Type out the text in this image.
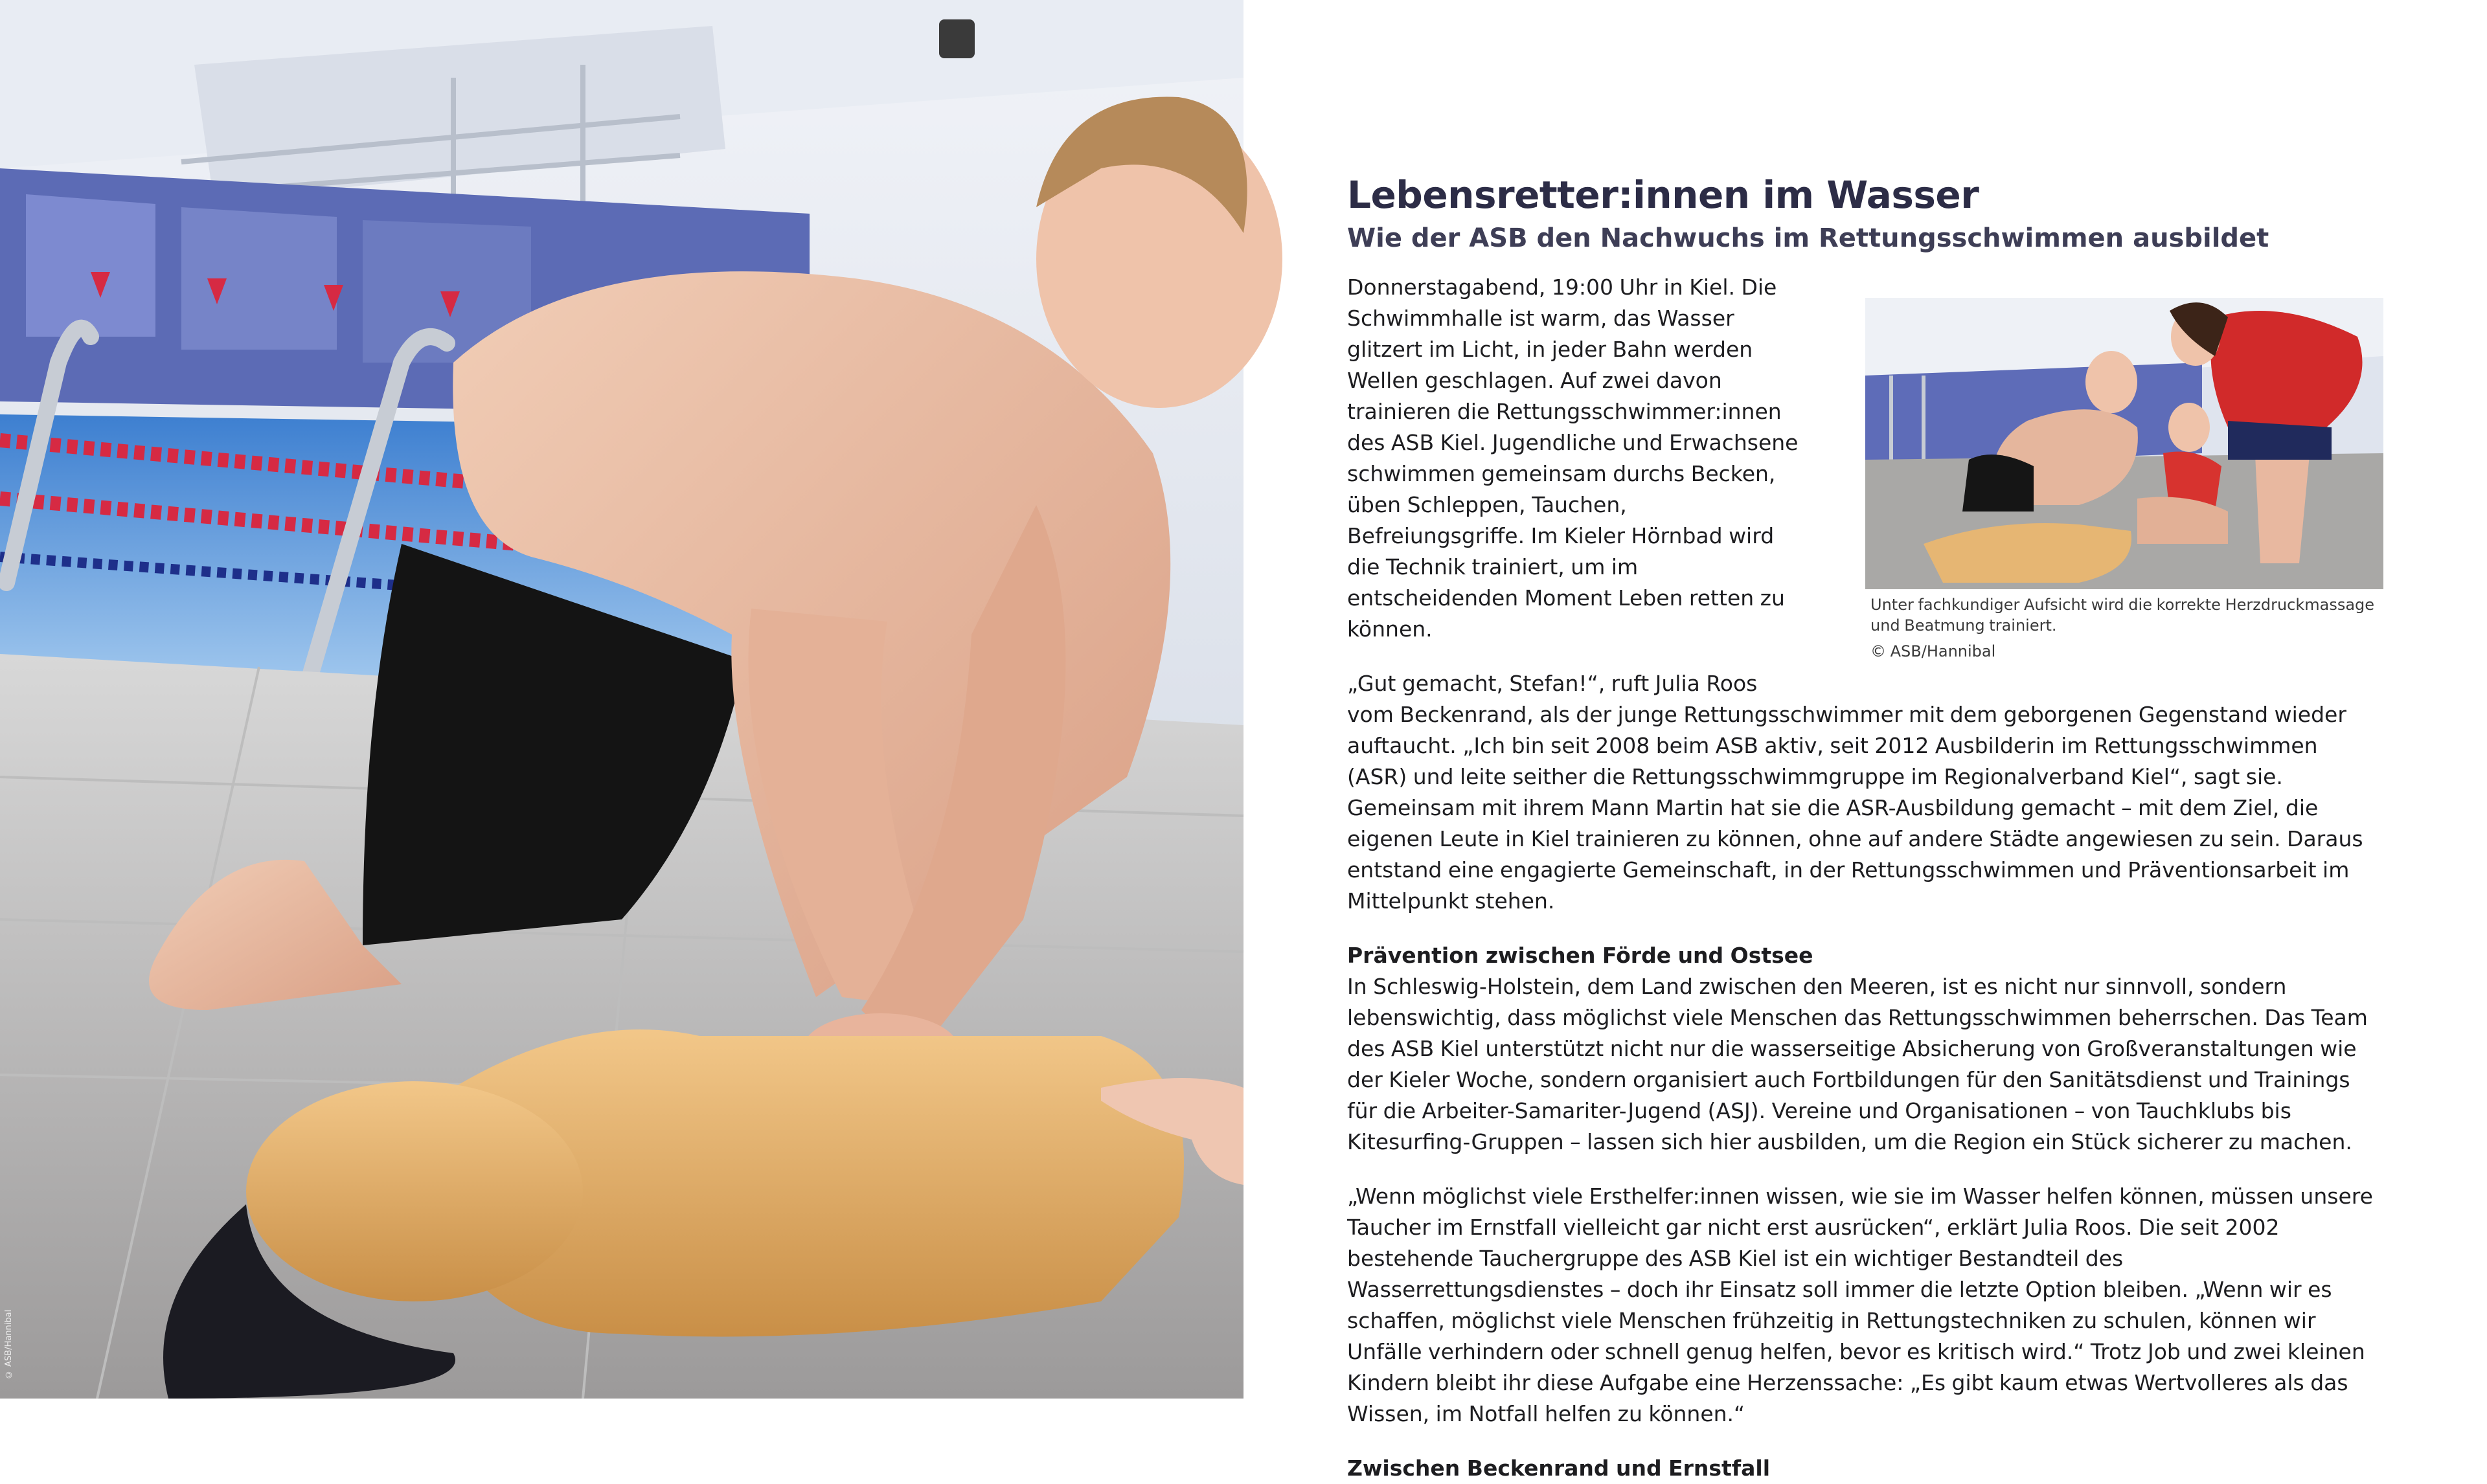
© ASB/Hannibal
Lebensretter:innen im Wasser
Wie der ASB den Nachwuchs im Rettungsschwimmen ausbildet
Unter fachkundiger Aufsicht wird die korrekte Herzdruckmassage und Beatmung trainiert.
© ASB/Hannibal

Donnerstagabend, 19:00 Uhr in Kiel. Die Schwimmhalle ist warm, das Wasser glitzert im Licht, in jeder Bahn werden Wellen geschlagen. Auf zwei davon trainieren die Rettungsschwimmer:innen des ASB Kiel. Jugendliche und Erwachsene schwimmen gemeinsam durchs Becken, üben Schleppen, Tauchen, Befreiungsgriffe. Im Kieler Hörnbad wird die Technik trainiert, um im entscheidenden Moment Leben retten zu können.

„Gut gemacht, Stefan!“, ruft Julia Roos vom Beckenrand, als der junge Rettungsschwimmer mit dem geborgenen Gegenstand wieder auftaucht. „Ich bin seit 2008 beim ASB aktiv, seit 2012 Ausbilderin im Rettungsschwimmen (ASR) und leite seither die Rettungsschwimmgruppe im Regionalverband Kiel“, sagt sie. Gemeinsam mit ihrem Mann Martin hat sie die ASR-Ausbildung gemacht – mit dem Ziel, die eigenen Leute in Kiel trainieren zu können, ohne auf andere Städte angewiesen zu sein. Daraus entstand eine engagierte Gemeinschaft, in der Rettungsschwimmen und Präventionsarbeit im Mittelpunkt stehen.

Prävention zwischen Förde und Ostsee

In Schleswig-Holstein, dem Land zwischen den Meeren, ist es nicht nur sinnvoll, sondern lebenswichtig, dass möglichst viele Menschen das Rettungsschwimmen beherrschen. Das Team des ASB Kiel unterstützt nicht nur die wasserseitige Absicherung von Großveranstaltungen wie der Kieler Woche, sondern organisiert auch Fortbildungen für den Sanitätsdienst und Trainings für die Arbeiter-Samariter-Jugend (ASJ). Vereine und Organisationen – von Tauchklubs bis Kitesurfing-Gruppen – lassen sich hier ausbilden, um die Region ein Stück sicherer zu machen.

„Wenn möglichst viele Ersthelfer:innen wissen, wie sie im Wasser helfen können, müssen unsere Taucher im Ernstfall vielleicht gar nicht erst ausrücken“, erklärt Julia Roos. Die seit 2002 bestehende Tauchergruppe des ASB Kiel ist ein wichtiger Bestandteil des Wasserrettungsdienstes – doch ihr Einsatz soll immer die letzte Option bleiben. „Wenn wir es schaffen, möglichst viele Menschen frühzeitig in Rettungstechniken zu schulen, können wir Unfälle verhindern oder schnell genug helfen, bevor es kritisch wird.“ Trotz Job und zwei kleinen Kindern bleibt ihr diese Aufgabe eine Herzenssache: „Es gibt kaum etwas Wertvolleres als das Wissen, im Notfall helfen zu können.“

Zwischen Beckenrand und Ernstfall
